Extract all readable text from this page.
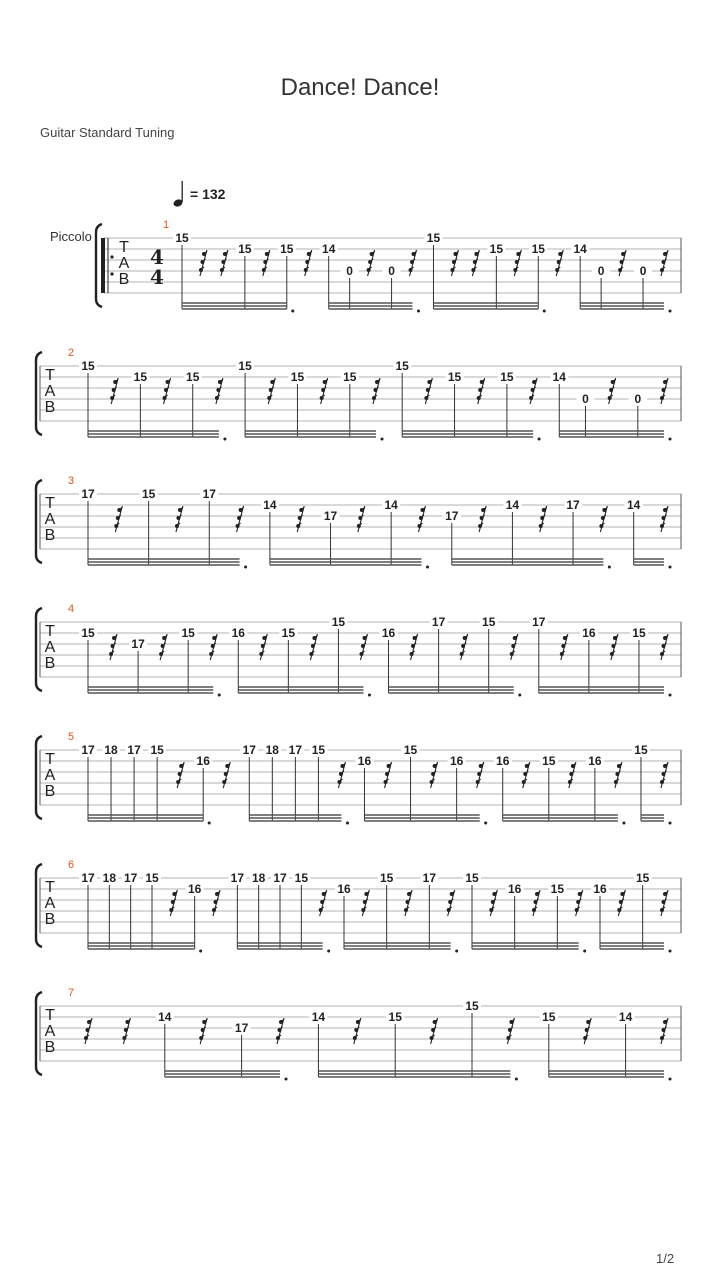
Dance! Dance!
Guitar Standard Tuning
= 132
Piccolo
1
T
A
B
4
4
15
15 15 14
0	0
15
15 15 14
0	0
2
T
A
B
15
15	15
15
15	15
15
15	15	14
0	0
3
T
A
B
17	15	17
14
17
14
17
14	17	14
4
T
A
B
15
17
15	16	15
15
16
17	15	17
16	15
5
T
A
B
17 18 17 15
16
17 18 17 15
16
15
16	16	15	16
15
6
T
A
B
17 18 17 15
16
17 18 17 15
16
15 17 15
16 15 16
15
7
T
A
B
14
17
14	15
15
15	14
1/2
